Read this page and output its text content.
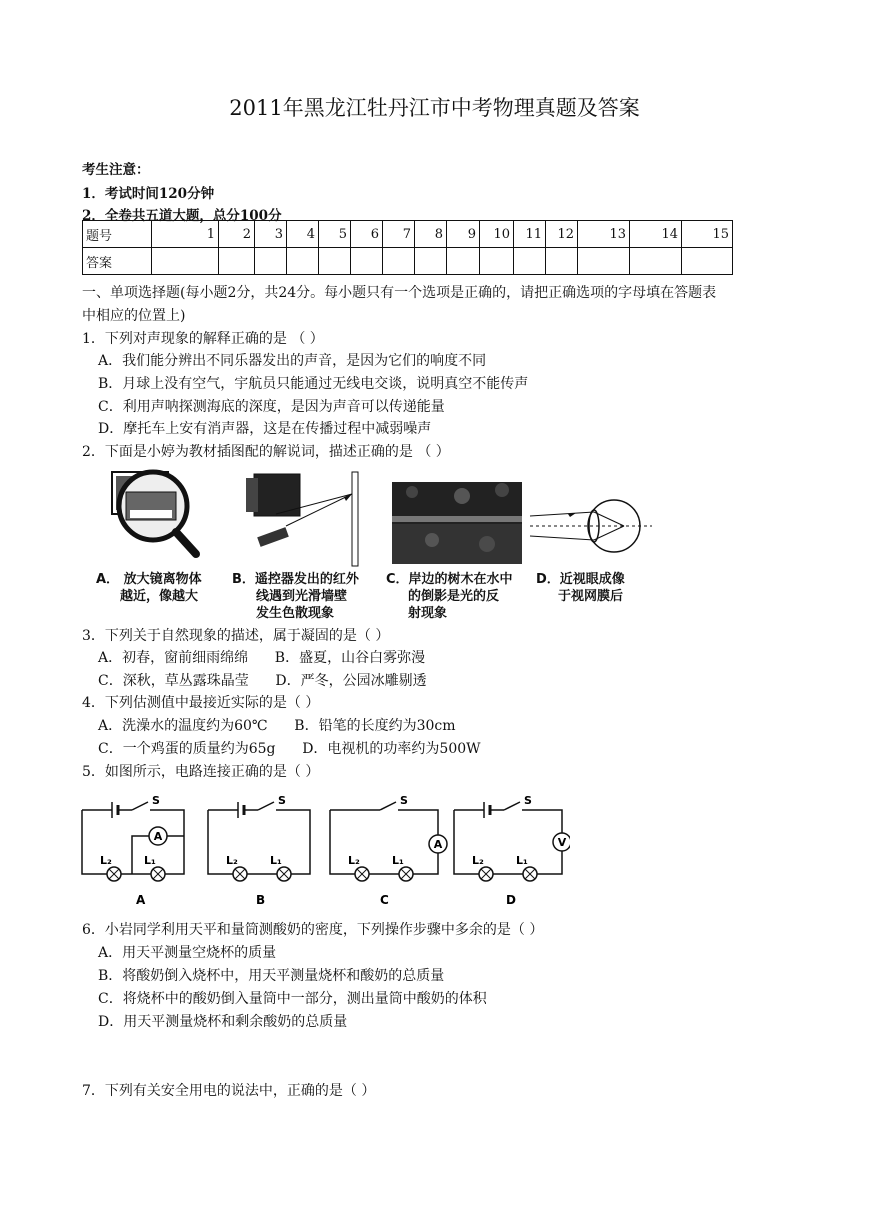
2011年黑龙江牡丹江市中考物理真题及答案
考生注意：
1．考试时间120分钟
2．全卷共五道大题，总分100分
题号	1	2	3	4	5	6	7	8	9	10	11	12	13	14	15
答案															
一、单项选择题(每小题2分，共24分。每小题只有一个选项是正确的，请把正确选项的字母填在答题表
中相应的位置上)
1．下列对声现象的解释正确的是 （ ）
A．我们能分辨出不同乐器发出的声音，是因为它们的响度不同
B．月球上没有空气，宇航员只能通过无线电交谈，说明真空不能传声
C．利用声呐探测海底的深度，是因为声音可以传递能量
D．摩托车上安有消声器，这是在传播过程中减弱噪声
2．下面是小婷为教材插图配的解说词，描述正确的是 （ ）
A． 放大镜离物体
越近，像越大
B．遥控器发出的红外
线遇到光滑墙壁
发生色散现象
C．岸边的树木在水中
的倒影是光的反
射现象
D．近视眼成像
于视网膜后
3．下列关于自然现象的描述，属于凝固的是（ ）
A．初春，窗前细雨绵绵      B．盛夏，山谷白雾弥漫
C．深秋，草丛露珠晶莹      D．严冬，公园冰雕剔透
4．下列估测值中最接近实际的是（ ）
A．洗澡水的温度约为60℃      B．铅笔的长度约为30cm
C．一个鸡蛋的质量约为65g      D．电视机的功率约为500W
5．如图所示，电路连接正确的是（ ）
A
S
L₂	L₁
A
S
L₂	L₁
B
A
S
L₂	L₁
C
V
S
L₂	L₁
D
6．小岩同学利用天平和量筒测酸奶的密度，下列操作步骤中多余的是（ ）
A．用天平测量空烧杯的质量
B．将酸奶倒入烧杯中，用天平测量烧杯和酸奶的总质量
C．将烧杯中的酸奶倒入量筒中一部分，测出量筒中酸奶的体积
D．用天平测量烧杯和剩余酸奶的总质量
7．下列有关安全用电的说法中，正确的是（ ）
